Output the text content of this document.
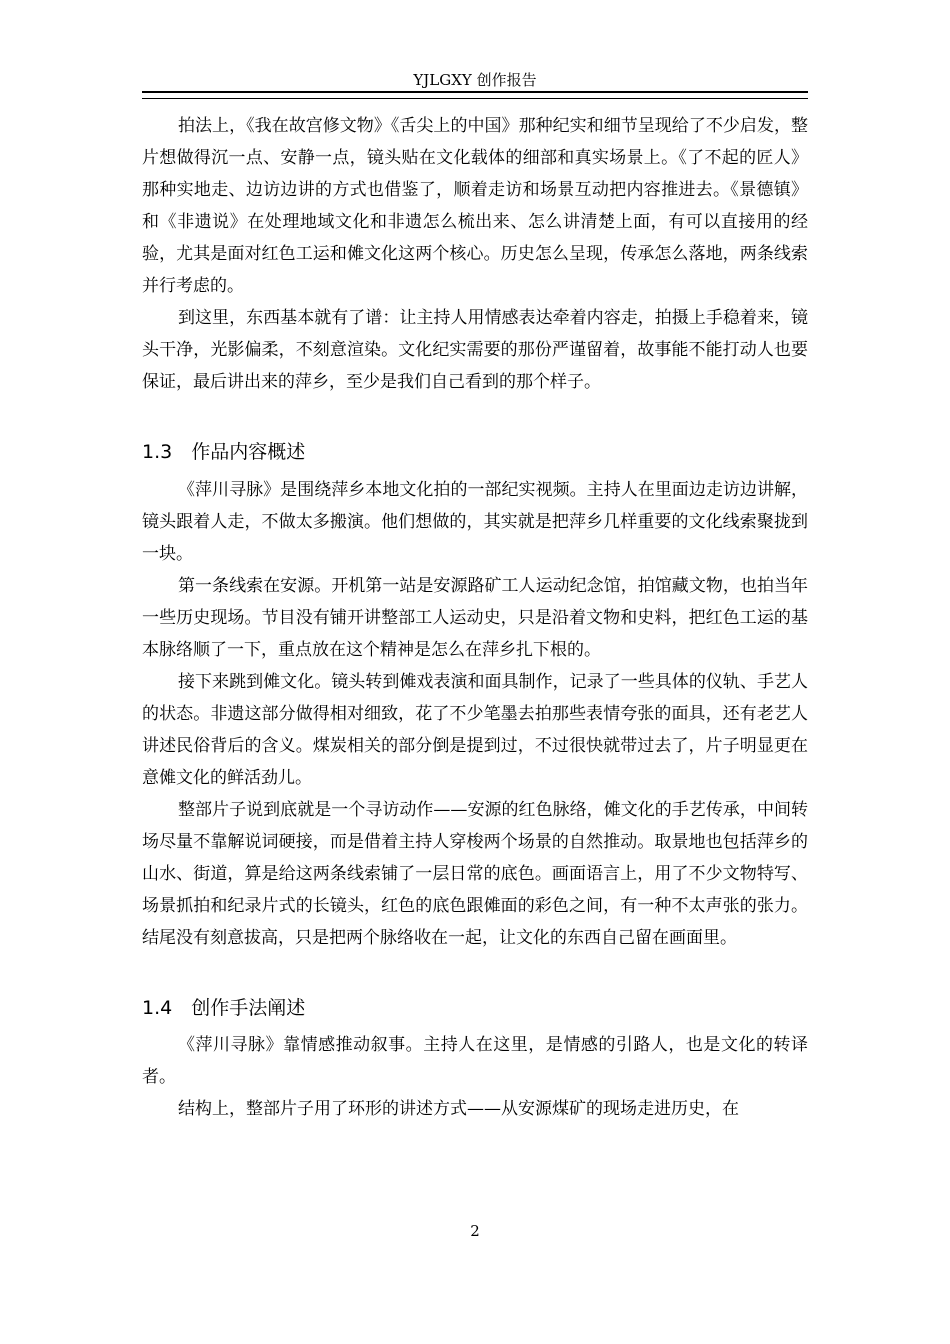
YJLGXY 创作报告

拍法上，《我在故宫修文物》《舌尖上的中国》那种纪实和细节呈现给了不少启发，整片想做得沉一点、安静一点，镜头贴在文化载体的细部和真实场景上。《了不起的匠人》那种实地走、边访边讲的方式也借鉴了，顺着走访和场景互动把内容推进去。《景德镇》和《非遗说》在处理地域文化和非遗怎么梳出来、怎么讲清楚上面，有可以直接用的经验，尤其是面对红色工运和傩文化这两个核心。历史怎么呈现，传承怎么落地，两条线索并行考虑的。

到这里，东西基本就有了谱：让主持人用情感表达牵着内容走，拍摄上手稳着来，镜头干净，光影偏柔，不刻意渲染。文化纪实需要的那份严谨留着，故事能不能打动人也要保证，最后讲出来的萍乡，至少是我们自己看到的那个样子。

1.3　作品内容概述

《萍川寻脉》是围绕萍乡本地文化拍的一部纪实视频。主持人在里面边走访边讲解，镜头跟着人走，不做太多搬演。他们想做的，其实就是把萍乡几样重要的文化线索聚拢到一块。

第一条线索在安源。开机第一站是安源路矿工人运动纪念馆，拍馆藏文物，也拍当年一些历史现场。节目没有铺开讲整部工人运动史，只是沿着文物和史料，把红色工运的基本脉络顺了一下，重点放在这个精神是怎么在萍乡扎下根的。

接下来跳到傩文化。镜头转到傩戏表演和面具制作，记录了一些具体的仪轨、手艺人的状态。非遗这部分做得相对细致，花了不少笔墨去拍那些表情夸张的面具，还有老艺人讲述民俗背后的含义。煤炭相关的部分倒是提到过，不过很快就带过去了，片子明显更在意傩文化的鲜活劲儿。

整部片子说到底就是一个寻访动作——安源的红色脉络，傩文化的手艺传承，中间转场尽量不靠解说词硬接，而是借着主持人穿梭两个场景的自然推动。取景地也包括萍乡的山水、街道，算是给这两条线索铺了一层日常的底色。画面语言上，用了不少文物特写、场景抓拍和纪录片式的长镜头，红色的底色跟傩面的彩色之间，有一种不太声张的张力。结尾没有刻意拔高，只是把两个脉络收在一起，让文化的东西自己留在画面里。

1.4　创作手法阐述

《萍川寻脉》靠情感推动叙事。主持人在这里，是情感的引路人，也是文化的转译者。

结构上，整部片子用了环形的讲述方式——从安源煤矿的现场走进历史，在

2
